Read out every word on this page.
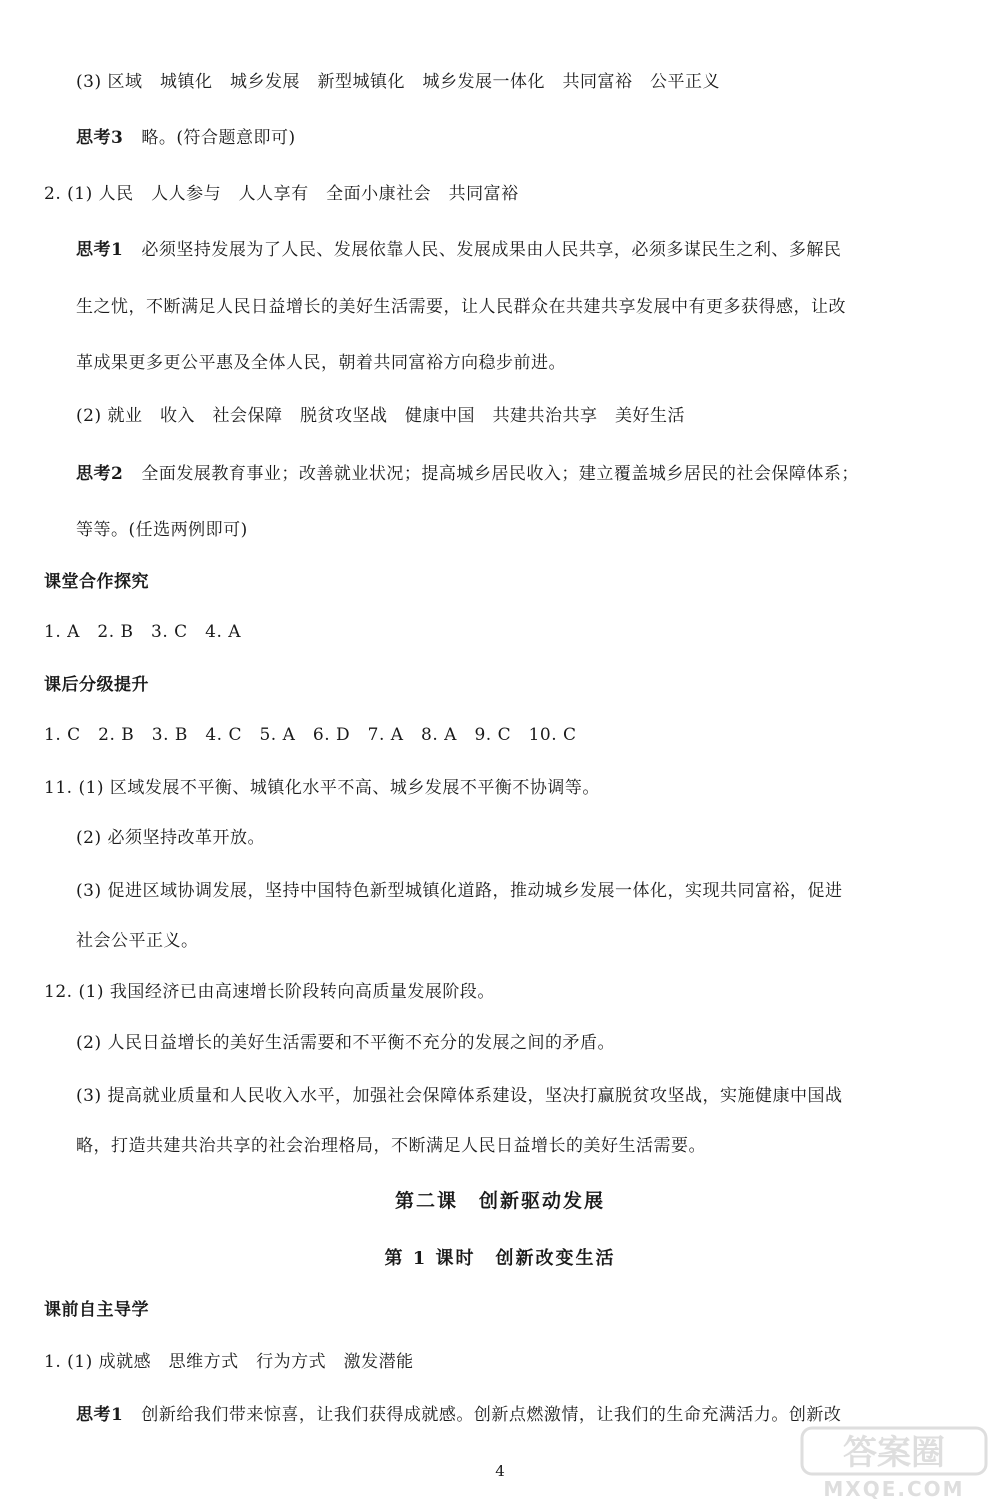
(3) 区域　城镇化　城乡发展　新型城镇化　城乡发展一体化　共同富裕　公平正义
思考3 略。(符合题意即可)
2. (1) 人民　人人参与　人人享有　全面小康社会　共同富裕
思考1 必须坚持发展为了人民、发展依靠人民、发展成果由人民共享，必须多谋民生之利、多解民
生之忧，不断满足人民日益增长的美好生活需要，让人民群众在共建共享发展中有更多获得感，让改
革成果更多更公平惠及全体人民，朝着共同富裕方向稳步前进。
(2) 就业　收入　社会保障　脱贫攻坚战　健康中国　共建共治共享　美好生活
思考2 全面发展教育事业；改善就业状况；提高城乡居民收入；建立覆盖城乡居民的社会保障体系；
等等。(任选两例即可)
课堂合作探究
1. A　2. B　3. C　4. A
课后分级提升
1. C　2. B　3. B　4. C　5. A　6. D　7. A　8. A　9. C　10. C
11. (1) 区域发展不平衡、城镇化水平不高、城乡发展不平衡不协调等。
(2) 必须坚持改革开放。
(3) 促进区域协调发展，坚持中国特色新型城镇化道路，推动城乡发展一体化，实现共同富裕，促进
社会公平正义。
12. (1) 我国经济已由高速增长阶段转向高质量发展阶段。
(2) 人民日益增长的美好生活需要和不平衡不充分的发展之间的矛盾。
(3) 提高就业质量和人民收入水平，加强社会保障体系建设，坚决打赢脱贫攻坚战，实施健康中国战
略，打造共建共治共享的社会治理格局，不断满足人民日益增长的美好生活需要。
第二课　创新驱动发展
第 1 课时　创新改变生活
课前自主导学
1. (1) 成就感　思维方式　行为方式　激发潜能
思考1 创新给我们带来惊喜，让我们获得成就感。创新点燃激情，让我们的生命充满活力。创新改
4	答案圈
MXQE.COM
